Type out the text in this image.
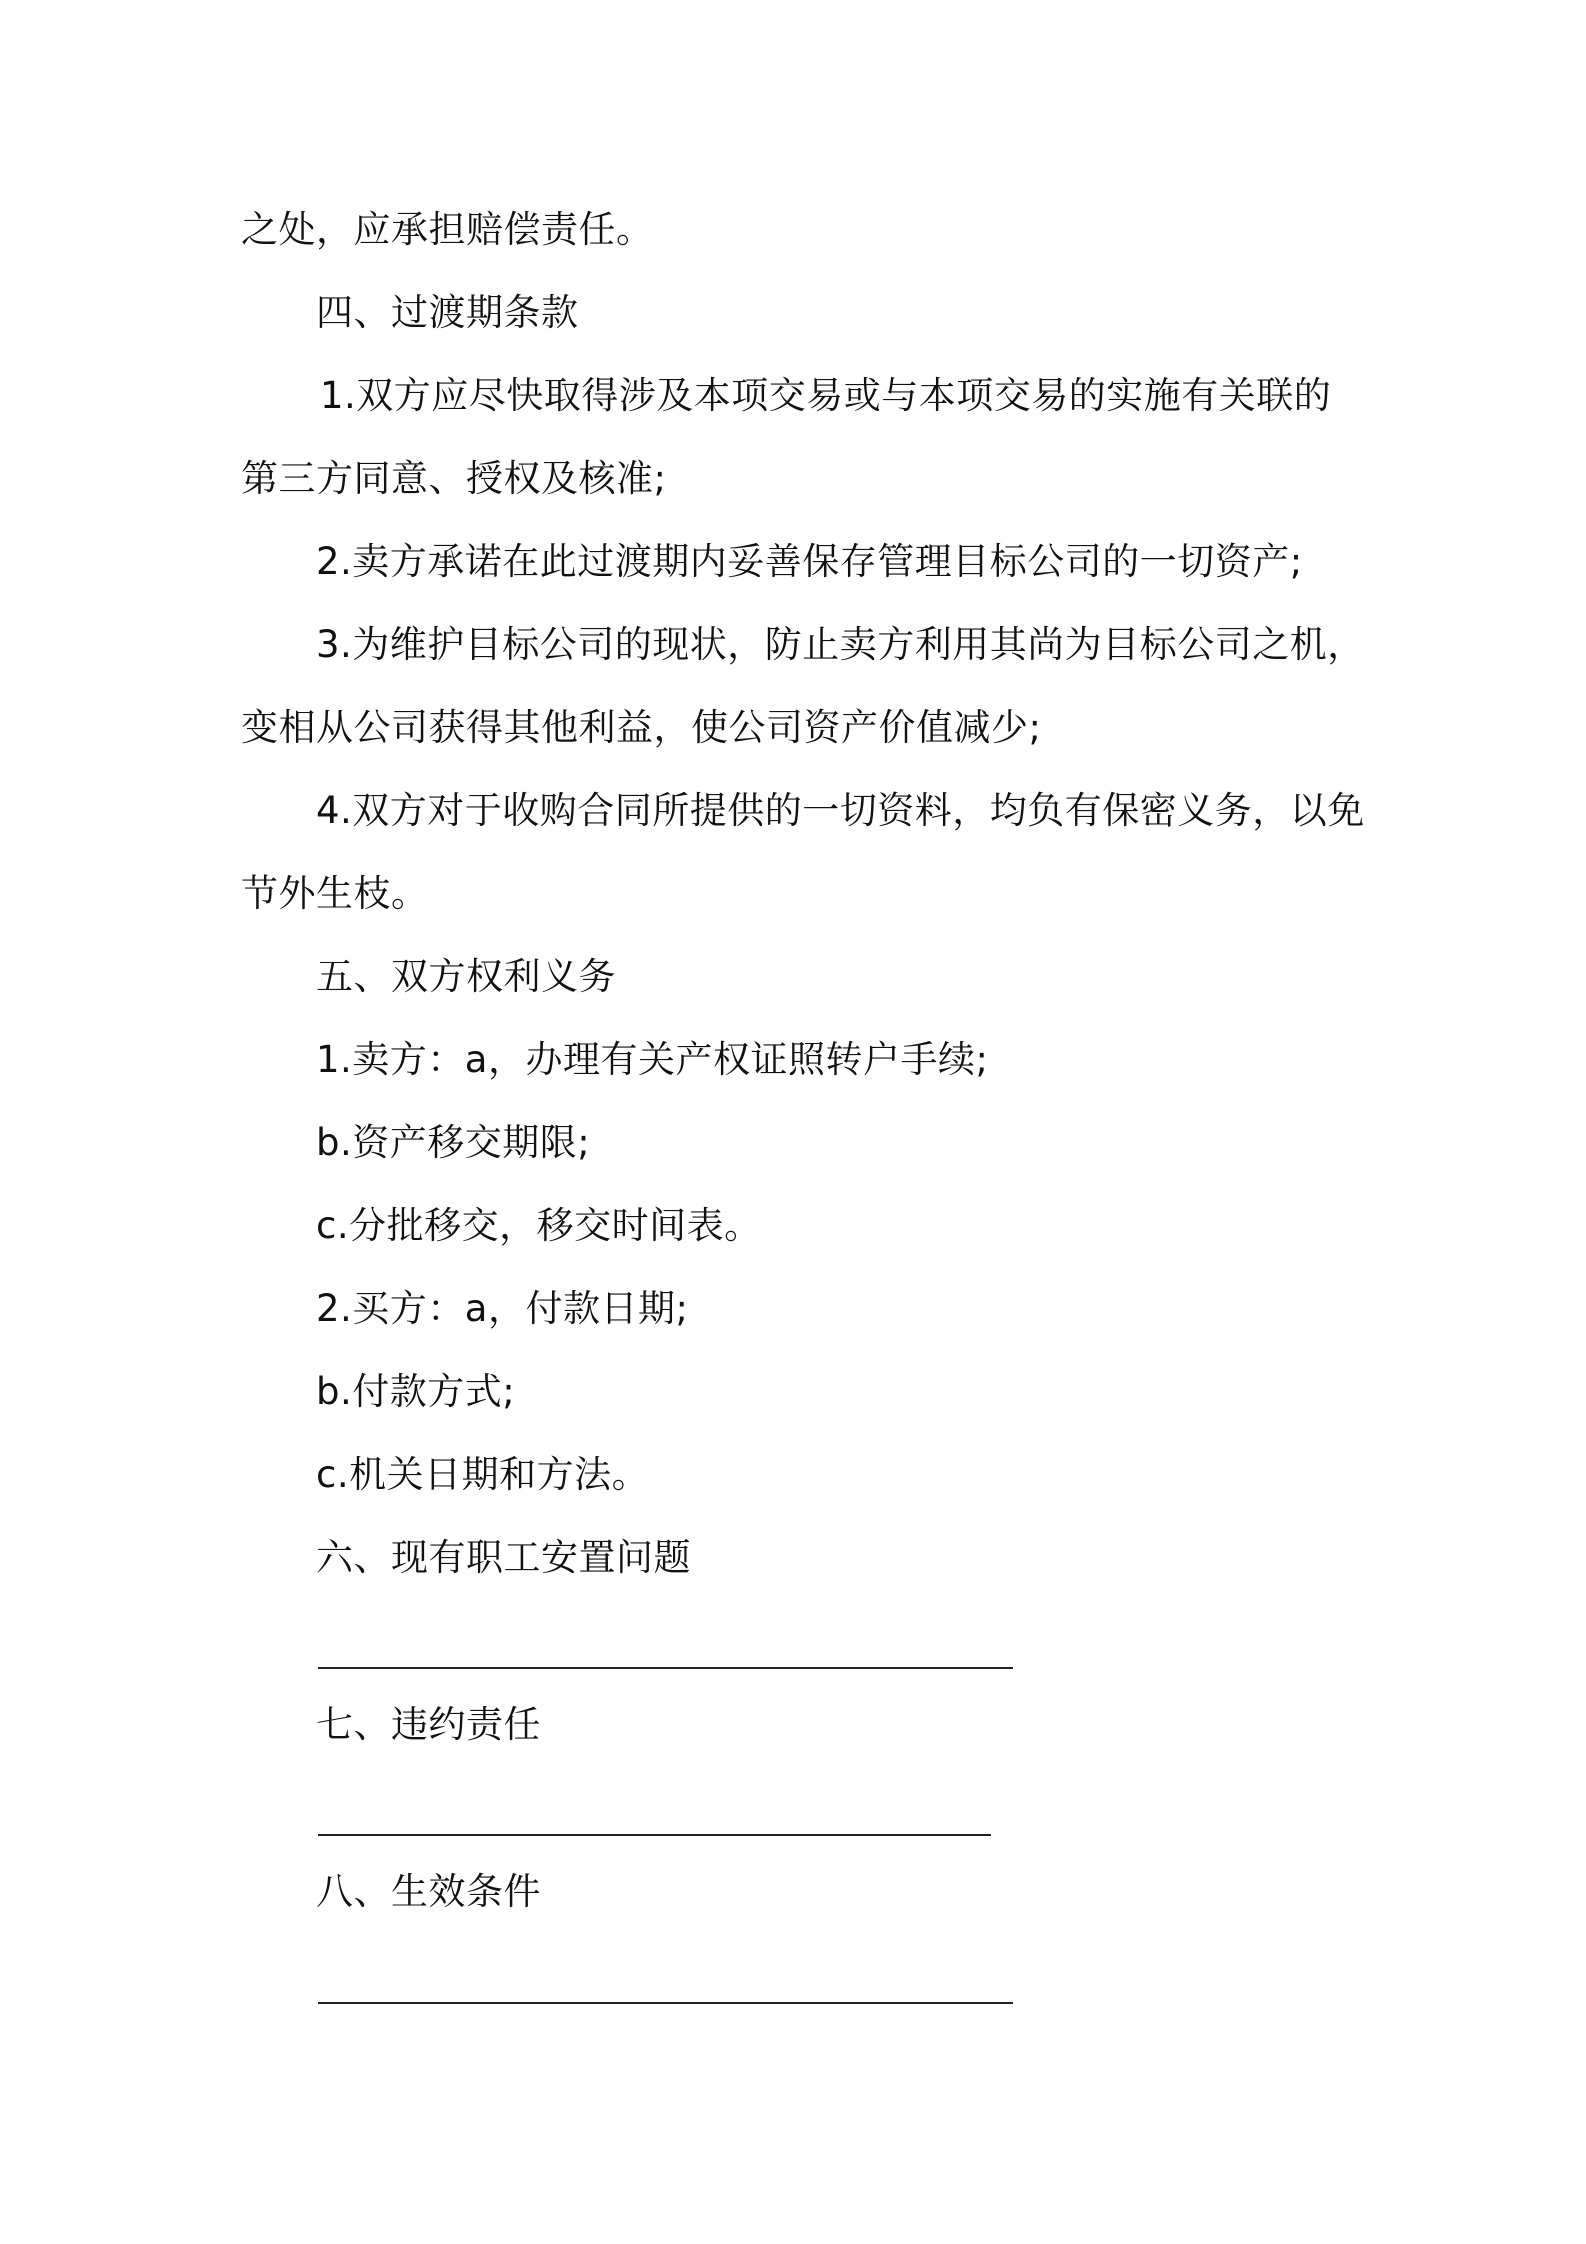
之处，应承担赔偿责任。
四、过渡期条款
1.双方应尽快取得涉及本项交易或与本项交易的实施有关联的
第三方同意、授权及核准;
2.卖方承诺在此过渡期内妥善保存管理目标公司的一切资产;
3.为维护目标公司的现状，防止卖方利用其尚为目标公司之机，
变相从公司获得其他利益，使公司资产价值减少;
4.双方对于收购合同所提供的一切资料，均负有保密义务，以免
节外生枝。
五、双方权利义务
1.卖方：a，办理有关产权证照转户手续;
b.资产移交期限;
c.分批移交，移交时间表。
2.买方：a，付款日期;
b.付款方式;
c.机关日期和方法。
六、现有职工安置问题
七、违约责任
八、生效条件
